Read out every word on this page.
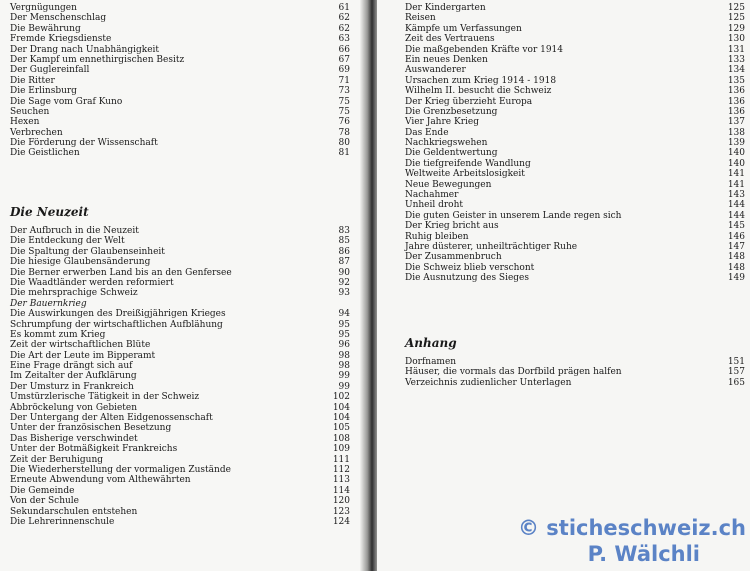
Vergnügungen	61
Der Menschenschlag	62
Die Bewährung	62
Fremde Kriegsdienste	63
Der Drang nach Unabhängigkeit	66
Der Kampf um ennethirgischen Besitz	67
Der Guglereinfall	69
Die Ritter	71
Die Erlinsburg	73
Die Sage vom Graf Kuno	75
Seuchen	75
Hexen	76
Verbrechen	78
Die Förderung der Wissenschaft	80
Die Geistlichen	81
Die Neuzeit
Der Aufbruch in die Neuzeit	83
Die Entdeckung der Welt	85
Die Spaltung der Glaubenseinheit	86
Die hiesige Glaubensänderung	87
Die Berner erwerben Land bis an den Genfersee	90
Die Waadtländer werden reformiert	92
Die mehrsprachige Schweiz	93
Der Bauernkrieg
Die Auswirkungen des Dreißigjährigen Krieges	94
Schrumpfung der wirtschaftlichen Aufblähung	95
Es kommt zum Krieg	95
Zeit der wirtschaftlichen Blüte	96
Die Art der Leute im Bipperamt	98
Eine Frage drängt sich auf	98
Im Zeitalter der Aufklärung	99
Der Umsturz in Frankreich	99
Umstürzlerische Tätigkeit in der Schweiz	102
Abbröckelung von Gebieten	104
Der Untergang der Alten Eidgenossenschaft	104
Unter der französischen Besetzung	105
Das Bisherige verschwindet	108
Unter der Botmäßigkeit Frankreichs	109
Zeit der Beruhigung	111
Die Wiederherstellung der vormaligen Zustände	112
Erneute Abwendung vom Althewährten	113
Die Gemeinde	114
Von der Schule	120
Sekundarschulen entstehen	123
Die Lehrerinnenschule	124
Der Kindergarten	125
Reisen	125
Kämpfe um Verfassungen	129
Zeit des Vertrauens	130
Die maßgebenden Kräfte vor 1914	131
Ein neues Denken	133
Auswanderer	134
Ursachen zum Krieg 1914 - 1918	135
Wilhelm II. besucht die Schweiz	136
Der Krieg überzieht Europa	136
Die Grenzbesetzung	136
Vier Jahre Krieg	137
Das Ende	138
Nachkriegswehen	139
Die Geldentwertung	140
Die tiefgreifende Wandlung	140
Weltweite Arbeitslosigkeit	141
Neue Bewegungen	141
Nachahmer	143
Unheil droht	144
Die guten Geister in unserem Lande regen sich	144
Der Krieg bricht aus	145
Ruhig bleiben	146
Jahre düsterer, unheilträchtiger Ruhe	147
Der Zusammenbruch	148
Die Schweiz blieb verschont	148
Die Ausnutzung des Sieges	149
Anhang
Dorfnamen	151
Häuser, die vormals das Dorfbild prägen halfen	157
Verzeichnis zudienlicher Unterlagen	165
© sticheschweiz.ch
P. Wälchli
